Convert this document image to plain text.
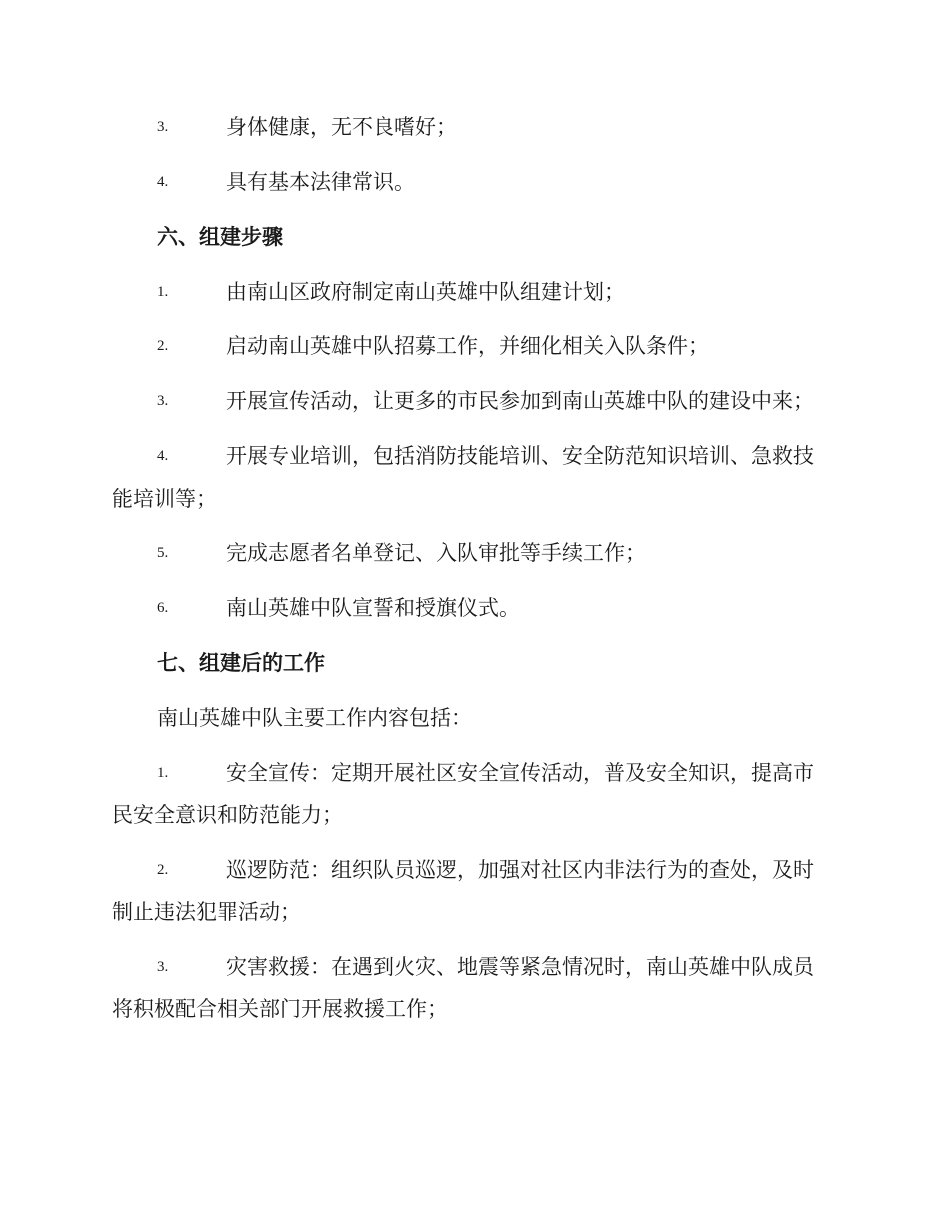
3.	身体健康，无不良嗜好；
4.	具有基本法律常识。
六、组建步骤
1.	由南山区政府制定南山英雄中队组建计划；
2.	启动南山英雄中队招募工作，并细化相关入队条件；
3.	开展宣传活动，让更多的市民参加到南山英雄中队的建设中来；
4.	开展专业培训，包括消防技能培训、安全防范知识培训、急救技
能培训等；
5.	完成志愿者名单登记、入队审批等手续工作；
6.	南山英雄中队宣誓和授旗仪式。
七、组建后的工作
南山英雄中队主要工作内容包括：
1.	安全宣传：定期开展社区安全宣传活动，普及安全知识，提高市
民安全意识和防范能力；
2.	巡逻防范：组织队员巡逻，加强对社区内非法行为的查处，及时
制止违法犯罪活动；
3.	灾害救援：在遇到火灾、地震等紧急情况时，南山英雄中队成员
将积极配合相关部门开展救援工作；
